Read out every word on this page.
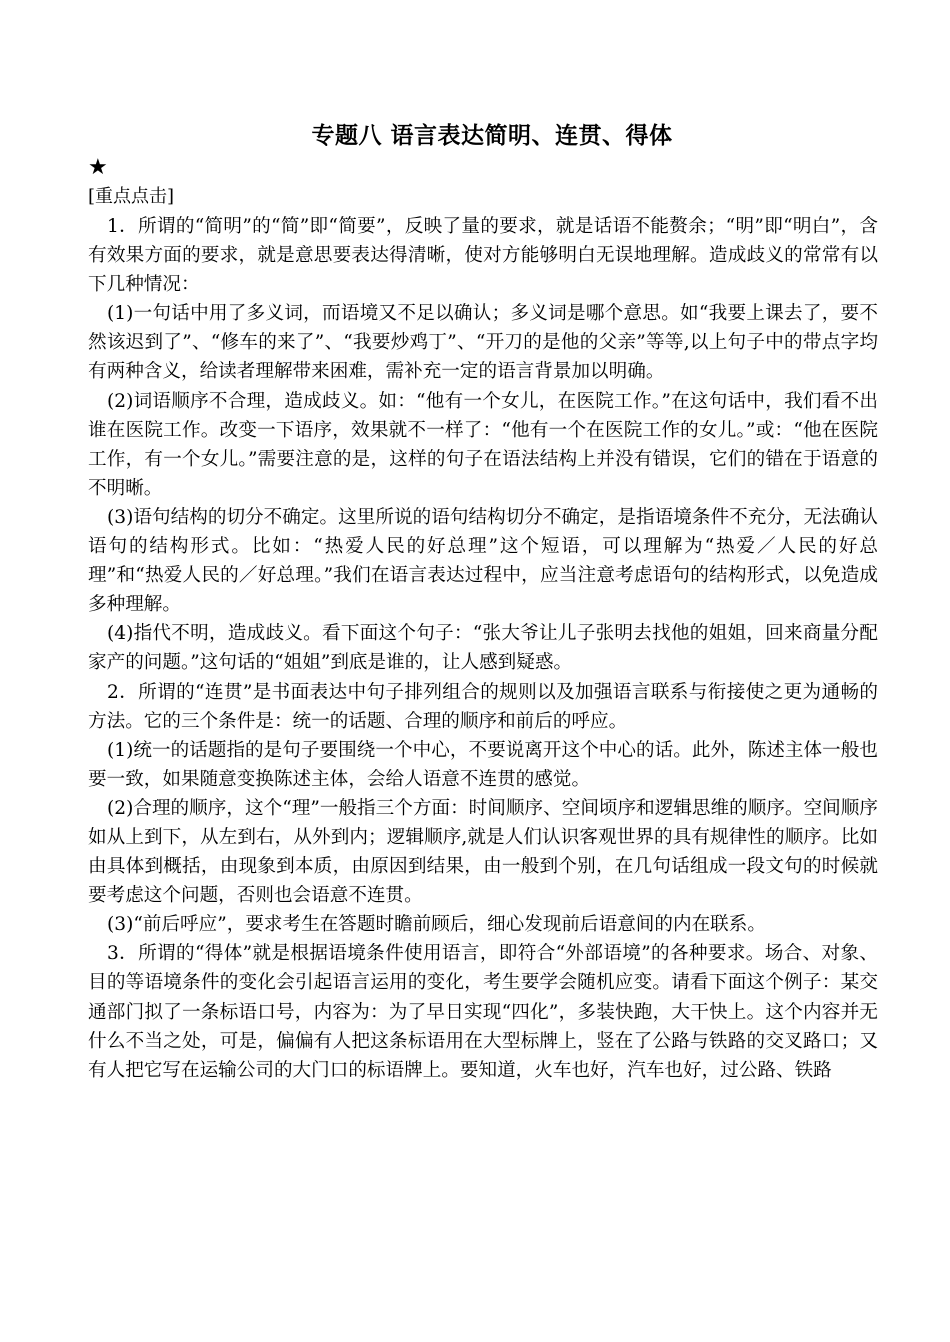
专题八 语言表达简明、连贯、得体
★
[重点点击]

1．所谓的“简明”的“简”即“简要”，反映了量的要求，就是话语不能赘余；“明”即“明白”，含有效果方面的要求，就是意思要表达得清晰，使对方能够明白无误地理解。造成歧义的常常有以下几种情况：

(1)一句话中用了多义词，而语境又不足以确认；多义词是哪个意思。如“我要上课去了，要不然该迟到了”、“修车的来了”、“我要炒鸡丁”、“开刀的是他的父亲”等等,以上句子中的带点字均有两种含义，给读者理解带来困难，需补充一定的语言背景加以明确。

(2)词语顺序不合理，造成歧义。如：“他有一个女儿，在医院工作。”在这句话中，我们看不出谁在医院工作。改变一下语序，效果就不一样了：“他有一个在医院工作的女儿。”或：“他在医院工作，有一个女儿。”需要注意的是，这样的句子在语法结构上并没有错误，它们的错在于语意的不明晰。

(3)语句结构的切分不确定。这里所说的语句结构切分不确定，是指语境条件不充分，无法确认语句的结构形式。比如：“热爱人民的好总理”这个短语，可以理解为“热爱／人民的好总理”和“热爱人民的／好总理。”我们在语言表达过程中，应当注意考虑语句的结构形式，以免造成多种理解。

(4)指代不明，造成歧义。看下面这个句子：“张大爷让儿子张明去找他的姐姐，回来商量分配家产的问题。”这句话的“姐姐”到底是谁的，让人感到疑惑。

2．所谓的“连贯”是书面表达中句子排列组合的规则以及加强语言联系与衔接使之更为通畅的方法。它的三个条件是：统一的话题、合理的顺序和前后的呼应。

(1)统一的话题指的是句子要围绕一个中心，不要说离开这个中心的话。此外，陈述主体一般也要一致，如果随意变换陈述主体，会给人语意不连贯的感觉。

(2)合理的顺序，这个“理”一般指三个方面：时间顺序、空间顷序和逻辑思维的顺序。空间顺序如从上到下，从左到右，从外到内；逻辑顺序,就是人们认识客观世界的具有规律性的顺序。比如由具体到概括，由现象到本质，由原因到结果，由一般到个别，在几句话组成一段文句的时候就要考虑这个问题，否则也会语意不连贯。

(3)“前后呼应”，要求考生在答题时瞻前顾后，细心发现前后语意间的内在联系。

3．所谓的“得体”就是根据语境条件使用语言，即符合“外部语境”的各种要求。场合、对象、目的等语境条件的变化会引起语言运用的变化，考生要学会随机应变。请看下面这个例子：某交通部门拟了一条标语口号，内容为：为了早日实现“四化”，多装快跑，大干快上。这个内容并无什么不当之处，可是，偏偏有人把这条标语用在大型标牌上，竖在了公路与铁路的交叉路口；又有人把它写在运输公司的大门口的标语牌上。要知道，火车也好，汽车也好，过公路、铁路
